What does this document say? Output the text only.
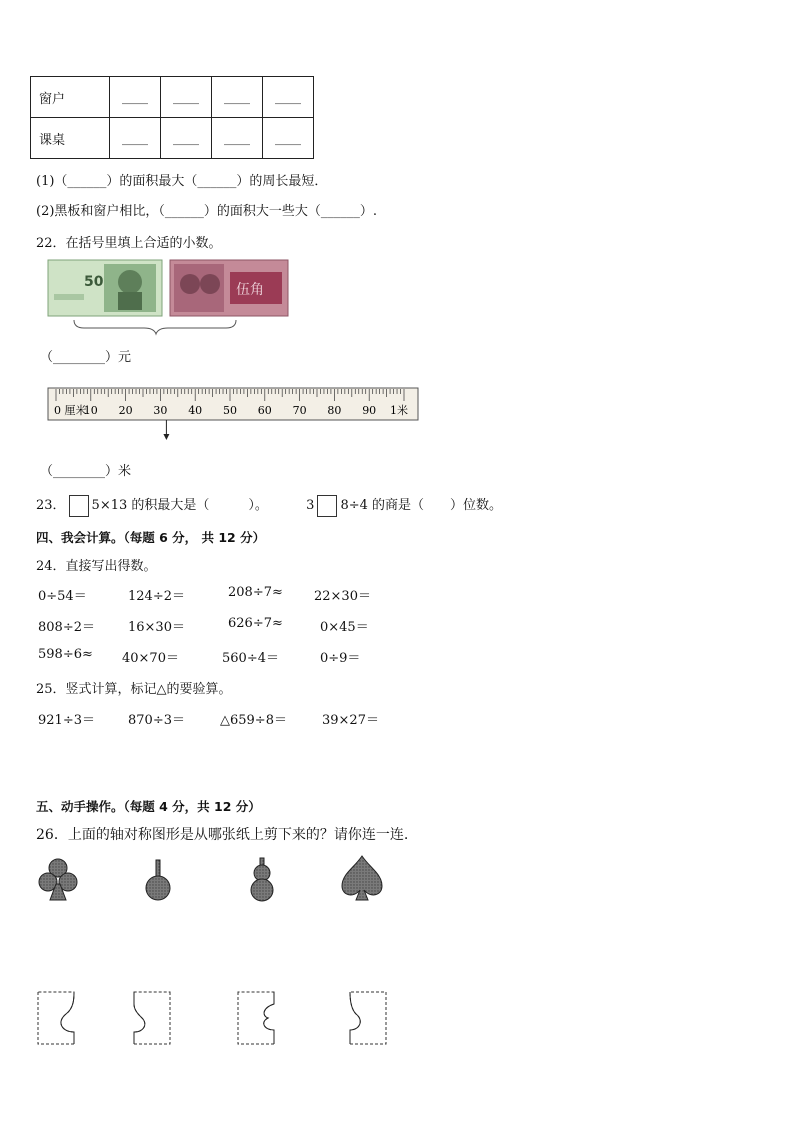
窗户	____	____	____	____
课桌	____	____	____	____
(1)（______）的面积最大（______）的周长最短．
(2)黑板和窗户相比，（______）的面积大一些大（______）.
22．在括号里填上合适的小数。
50	伍角
（________）元
0 厘米	1米
10 20 30 40 50 60 70 80 90
（________）米
23． 5×13 的积最大是（　　　）。	3 8÷4 的商是（　　）位数。
四、我会计算。（每题 6 分， 共 12 分）
24．直接写出得数。
0÷54＝	124÷2＝	208÷7≈ 22×30＝
808÷2＝	16×30＝	626÷7≈	0×45＝
598÷6≈ 40×70＝	560÷4＝	0÷9＝
25．竖式计算，标记△的要验算。
921÷3＝	870÷3＝	△659÷8＝	39×27＝
五、动手操作。（每题 4 分，共 12 分）
26．上面的轴对称图形是从哪张纸上剪下来的？请你连一连.
